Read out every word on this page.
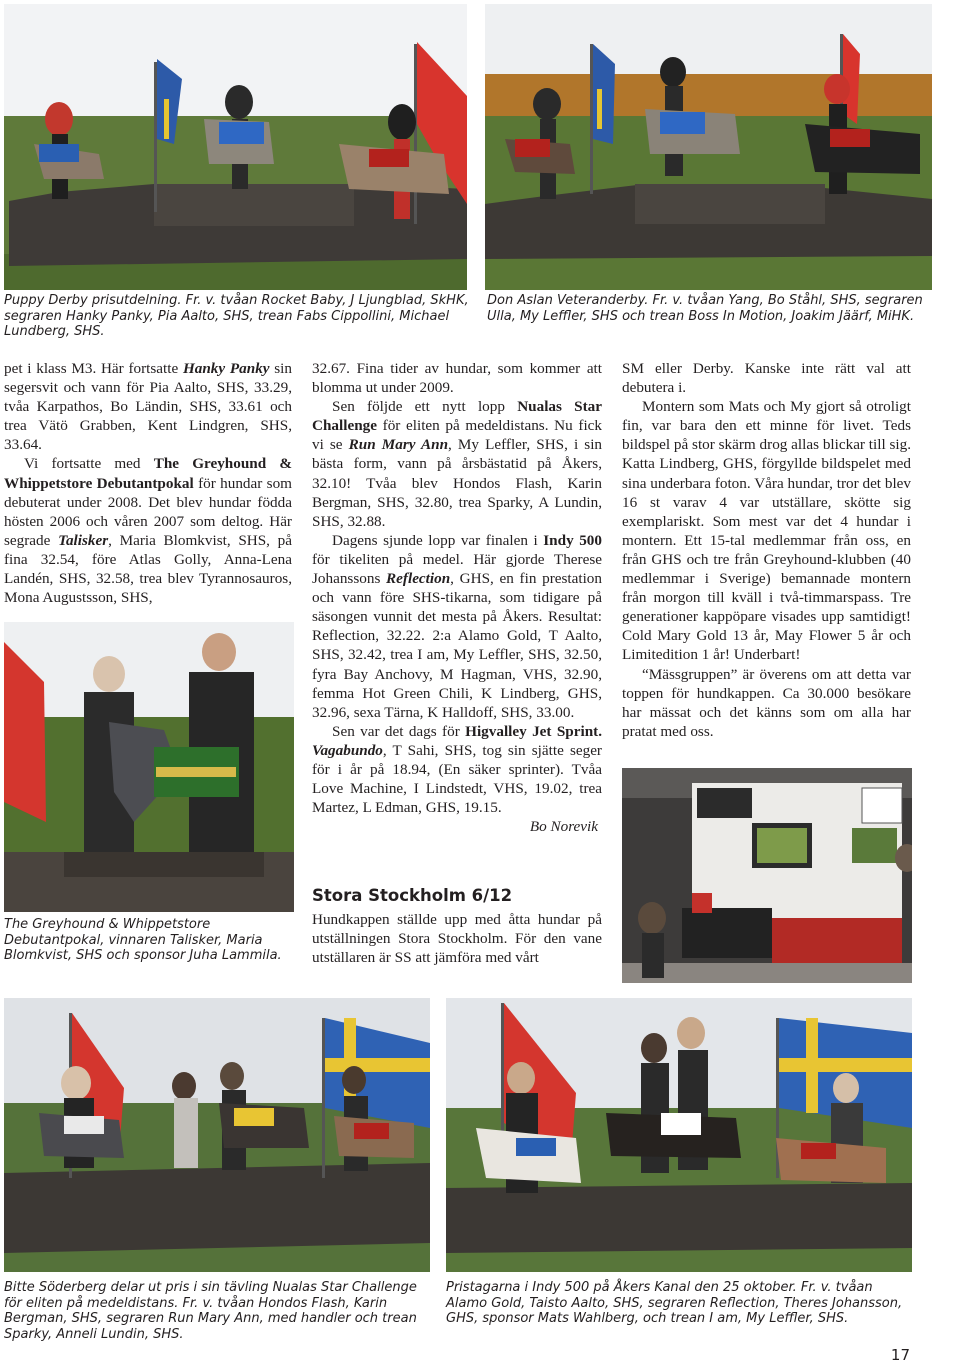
Puppy Derby prisutdelning. Fr. v. tvåan Rocket Baby, J Ljungblad, SkHK, segraren Hanky Panky, Pia Aalto, SHS, trean Fabs Cippollini, Michael Lundberg, SHS.

Don Aslan Veteranderby. Fr. v. tvåan Yang, Bo Ståhl, SHS, segraren Ulla, My Leffler, SHS och trean Boss In Motion, Joakim Jäärf, MiHK.

pet i klass M3. Här fortsatte Hanky Panky sin segersvit och vann för Pia Aalto, SHS, 33.29, tvåa Karpathos, Bo Ländin, SHS, 33.61 och trea Vätö Grabben, Kent Lindgren, SHS, 33.64.

Vi fortsatte med The Greyhound & Whippetstore Debutantpokal för hundar som debuterat under 2008. Det blev hundar födda hösten 2006 och våren 2007 som deltog. Här segrade Talisker, Maria Blomkvist, SHS, på fina 32.54, före Atlas Golly, Anna-Lena Landén, SHS, 32.58, trea blev Tyrannosauros, Mona Augustsson, SHS,

The Greyhound & Whippetstore Debutantpokal, vinnaren Talisker, Maria Blomkvist, SHS och sponsor Juha Lammila.

32.67. Fina tider av hundar, som kommer att blomma ut under 2009.

Sen följde ett nytt lopp Nualas Star Challenge för eliten på medeldistans. Nu fick vi se Run Mary Ann, My Leffler, SHS, i sin bästa form, vann på årsbästatid på Åkers, 32.10! Tvåa blev Hondos Flash, Karin Bergman, SHS, 32.80, trea Sparky, A Lundin, SHS, 32.88.

Dagens sjunde lopp var finalen i Indy 500 för tikeliten på medel. Här gjorde Therese Johanssons Reflection, GHS, en fin prestation och vann före SHS-tikarna, som tidigare på säsongen vunnit det mesta på Åkers. Resultat: Reflection, 32.22. 2:a Alamo Gold, T Aalto, SHS, 32.42, trea I am, My Leffler, SHS, 32.50, fyra Bay Anchovy, M Hagman, VHS, 32.90, femma Hot Green Chili, K Lindberg, GHS, 32.96, sexa Tärna, K Halldoff, SHS, 33.00.

Sen var det dags för Higvalley Jet Sprint. Vagabundo, T Sahi, SHS, tog sin sjätte seger för i år på 18.94, (En säker sprinter). Tvåa Love Machine, I Lindstedt, VHS, 19.02, trea Martez, L Edman, GHS, 19.15.

Bo Norevik

Stora Stockholm 6/12

Hundkappen ställde upp med åtta hundar på utställningen Stora Stockholm. För den vane utställaren är SS att jämföra med vårt

SM eller Derby. Kanske inte rätt val att debutera i.

Montern som Mats och My gjort så otroligt fin, var bara den ett minne för livet. Teds bildspel på stor skärm drog allas blickar till sig. Katta Lindberg, GHS, förgyllde bildspelet med sina underbara foton. Våra hundar, tror det blev 16 st varav 4 var utställare, skötte sig exemplariskt. Som mest var det 4 hundar i montern. Ett 15-tal medlemmar från oss, en från GHS och tre från Greyhound-klubben (40 medlemmar i Sverige) bemannade montern från morgon till kväll i två-timmarspass. Tre generationer kappöpare visades upp samtidigt! Cold Mary Gold 13 år, May Flower 5 år och Limitedition 1 år! Underbart!

“Mässgruppen” är överens om att detta var toppen för hundkappen. Ca 30.000 besökare har mässat och det känns som om alla har pratat med oss.

Bitte Söderberg delar ut pris i sin tävling Nualas Star Challenge för eliten på medeldistans. Fr. v. tvåan Hondos Flash, Karin Bergman, SHS, segraren Run Mary Ann, med handler och trean Sparky, Anneli Lundin, SHS.

Pristagarna i Indy 500 på Åkers Kanal den 25 oktober. Fr. v. tvåan Alamo Gold, Taisto Aalto, SHS, segraren Reflection, Theres Johansson, GHS, sponsor Mats Wahlberg, och trean I am, My Leffler, SHS.

17
